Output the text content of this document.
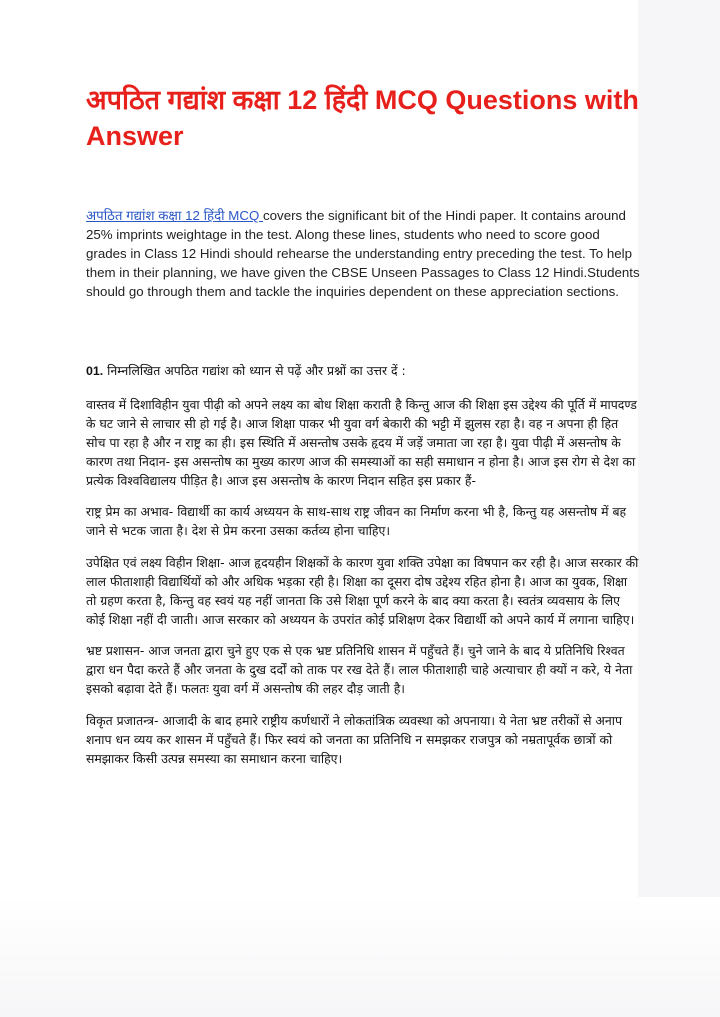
अपठित गद्यांश कक्षा 12 हिंदी MCQ Questions with Answer

अपठित गद्यांश कक्षा 12 हिंदी MCQ covers the significant bit of the Hindi paper. It contains around 25% imprints weightage in the test. Along these lines, students who need to score good grades in Class 12 Hindi should rehearse the understanding entry preceding the test. To help them in their planning, we have given the CBSE Unseen Passages to Class 12 Hindi.Students should go through them and tackle the inquiries dependent on these appreciation sections.

01. निम्नलिखित अपठित गद्यांश को ध्यान से पढ़ें और प्रश्नों का उत्तर दें :

वास्तव में दिशाविहीन युवा पीढ़ी को अपने लक्ष्य का बोध शिक्षा कराती है किन्तु आज की शिक्षा इस उद्देश्य की पूर्ति में मापदण्ड के घट जाने से लाचार सी हो गई है। आज शिक्षा पाकर भी युवा वर्ग बेकारी की भट्टी में झुलस रहा है। वह न अपना ही हित सोच पा रहा है और न राष्ट्र का ही। इस स्थिति में असन्तोष उसके हृदय में जड़ें जमाता जा रहा है। युवा पीढ़ी में असन्तोष के कारण तथा निदान- इस असन्तोष का मुख्य कारण आज की समस्याओं का सही समाधान न होना है। आज इस रोग से देश का प्रत्येक विश्वविद्यालय पीड़ित है। आज इस असन्तोष के कारण निदान सहित इस प्रकार हैं-

राष्ट्र प्रेम का अभाव- विद्यार्थी का कार्य अध्ययन के साथ-साथ राष्ट्र जीवन का निर्माण करना भी है, किन्तु यह असन्तोष में बह जाने से भटक जाता है। देश से प्रेम करना उसका कर्तव्य होना चाहिए।

उपेक्षित एवं लक्ष्य विहीन शिक्षा- आज हृदयहीन शिक्षकों के कारण युवा शक्ति उपेक्षा का विषपान कर रही है। आज सरकार की लाल फीताशाही विद्यार्थियों को और अधिक भड़का रही है। शिक्षा का दूसरा दोष उद्देश्य रहित होना है। आज का युवक, शिक्षा तो ग्रहण करता है, किन्तु वह स्वयं यह नहीं जानता कि उसे शिक्षा पूर्ण करने के बाद क्या करता है। स्वतंत्र व्यवसाय के लिए कोई शिक्षा नहीं दी जाती। आज सरकार को अध्ययन के उपरांत कोई प्रशिक्षण देकर विद्यार्थी को अपने कार्य में लगाना चाहिए।

भ्रष्ट प्रशासन- आज जनता द्वारा चुने हुए एक से एक भ्रष्ट प्रतिनिधि शासन में पहुँचते हैं। चुने जाने के बाद ये प्रतिनिधि रिश्वत द्वारा धन पैदा करते हैं और जनता के दुख दर्दों को ताक पर रख देते हैं। लाल फीताशाही चाहे अत्याचार ही क्यों न करे, ये नेता इसको बढ़ावा देते हैं। फलतः युवा वर्ग में असन्तोष की लहर दौड़ जाती है।

विकृत प्रजातन्त्र- आजादी के बाद हमारे राष्ट्रीय कर्णधारों ने लोकतांत्रिक व्यवस्था को अपनाया। ये नेता भ्रष्ट तरीकों से अनाप शनाप धन व्यय कर शासन में पहुँचते हैं। फिर स्वयं को जनता का प्रतिनिधि न समझकर राजपुत्र को नम्रतापूर्वक छात्रों को समझाकर किसी उत्पन्न समस्या का समाधान करना चाहिए।
